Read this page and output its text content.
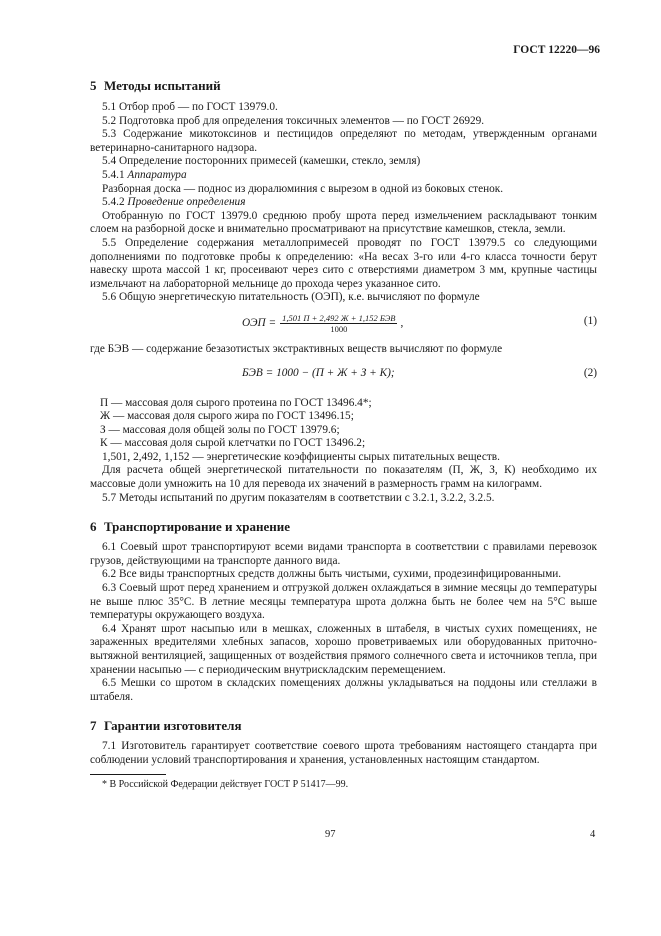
ГОСТ 12220—96
5 Методы испытаний

5.1 Отбор проб — по ГОСТ 13979.0.

5.2 Подготовка проб для определения токсичных элементов — по ГОСТ 26929.

5.3 Содержание микотоксинов и пестицидов определяют по методам, утвержденным органами ветеринарно-санитарного надзора.

5.4 Определение посторонних примесей (камешки, стекло, земля)

5.4.1 Аппаратура

Разборная доска — поднос из дюралюминия с вырезом в одной из боковых стенок.

5.4.2 Проведение определения

Отобранную по ГОСТ 13979.0 среднюю пробу шрота перед измельчением раскладывают тонким слоем на разборной доске и внимательно просматривают на присутствие камешков, стекла, земли.

5.5 Определение содержания металлопримесей проводят по ГОСТ 13979.5 со следующими дополнениями по подготовке пробы к определению: «На весах 3-го или 4-го класса точности берут навеску шрота массой 1 кг, просеивают через сито с отверстиями диаметром 3 мм, крупные частицы измельчают на лабораторной мельнице до прохода через указанное сито.

5.6 Общую энергетическую питательность (ОЭП), к.е. вычисляют по формуле

ОЭП = $\frac{\text{1,501 П + 2,492 Ж + 1,152 БЭВ}}{1000}$ ,	(1)

где БЭВ — содержание безазотистых экстрактивных веществ вычисляют по формуле

БЭВ = 1000 − (П + Ж + З + К);	(2)

П — массовая доля сырого протеина по ГОСТ 13496.4*;

Ж — массовая доля сырого жира по ГОСТ 13496.15;

З — массовая доля общей золы по ГОСТ 13979.6;

К — массовая доля сырой клетчатки по ГОСТ 13496.2;

1,501, 2,492, 1,152 — энергетические коэффициенты сырых питательных веществ.

Для расчета общей энергетической питательности по показателям (П, Ж, З, К) необходимо их массовые доли умножить на 10 для перевода их значений в размерность грамм на килограмм.

5.7 Методы испытаний по другим показателям в соответствии с 3.2.1, 3.2.2, 3.2.5.

6 Транспортирование и хранение

6.1 Соевый шрот транспортируют всеми видами транспорта в соответствии с правилами перевозок грузов, действующими на транспорте данного вида.

6.2 Все виды транспортных средств должны быть чистыми, сухими, продезинфицированными.

6.3 Соевый шрот перед хранением и отгрузкой должен охлаждаться в зимние месяцы до температуры не выше плюс 35°С. В летние месяцы температура шрота должна быть не более чем на 5°С выше температуры окружающего воздуха.

6.4 Хранят шрот насыпью или в мешках, сложенных в штабеля, в чистых сухих помещениях, не зараженных вредителями хлебных запасов, хорошо проветриваемых или оборудованных приточно-вытяжной вентиляцией, защищенных от воздействия прямого солнечного света и источников тепла, при хранении насыпью — с периодическим внутрискладским перемещением.

6.5 Мешки со шротом в складских помещениях должны укладываться на поддоны или стеллажи в штабеля.

7 Гарантии изготовителя

7.1 Изготовитель гарантирует соответствие соевого шрота требованиям настоящего стандарта при соблюдении условий транспортирования и хранения, установленных настоящим стандартом.

* В Российской Федерации действует ГОСТ Р 51417—99.

97	4
